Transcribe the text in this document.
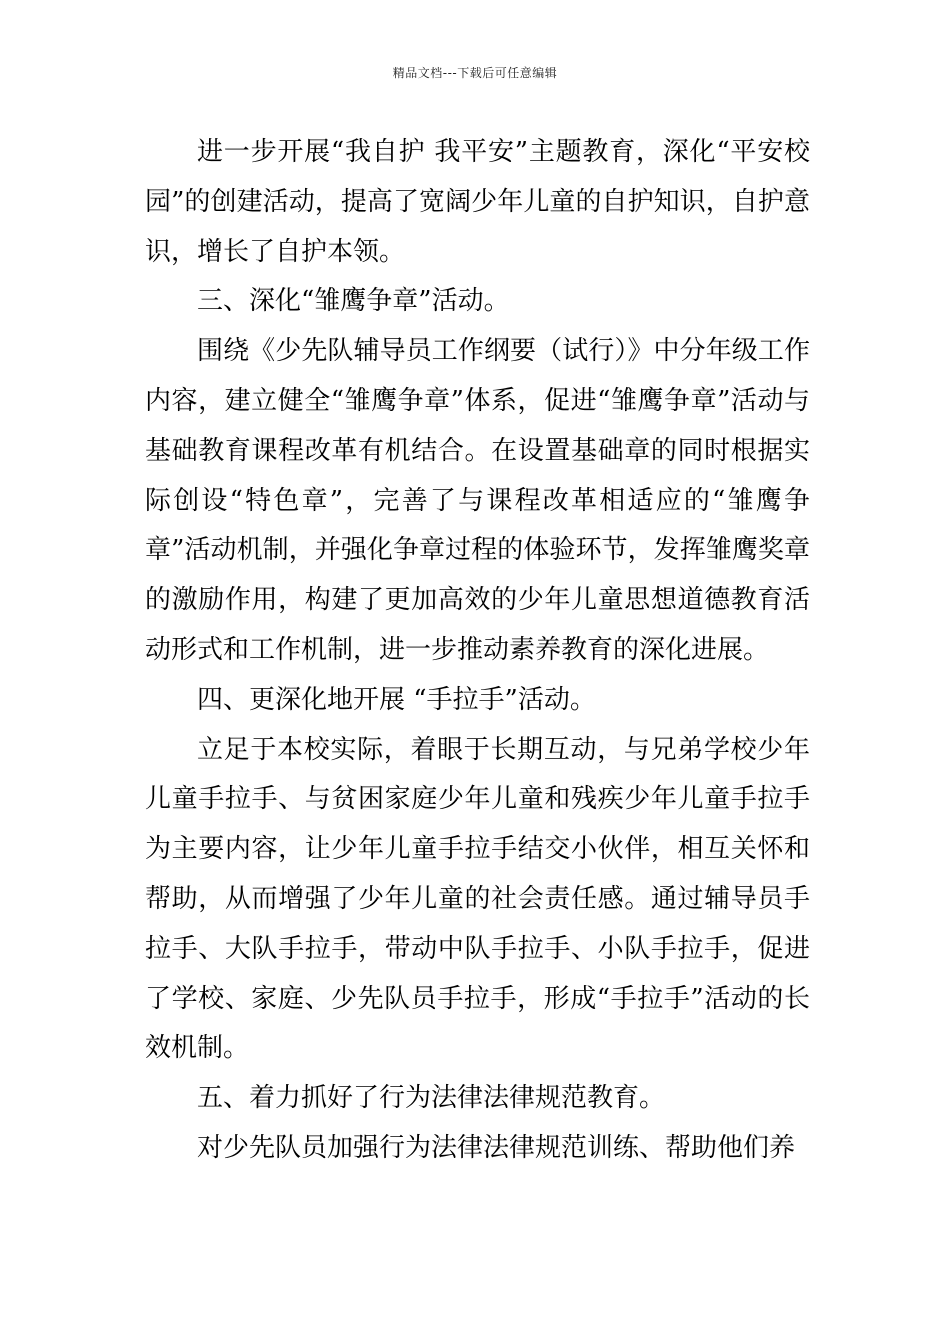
精品文档---下载后可任意编辑

进一步开展“我自护 我平安”主题教育，深化“平安校园”的创建活动，提高了宽阔少年儿童的自护知识，自护意识，增长了自护本领。

三、深化“雏鹰争章”活动。

围绕《少先队辅导员工作纲要（试行）》中分年级工作内容，建立健全“雏鹰争章”体系，促进“雏鹰争章”活动与基础教育课程改革有机结合。在设置基础章的同时根据实际创设“特色章”，完善了与课程改革相适应的“雏鹰争章”活动机制，并强化争章过程的体验环节，发挥雏鹰奖章的激励作用，构建了更加高效的少年儿童思想道德教育活动形式和工作机制，进一步推动素养教育的深化进展。

四、更深化地开展 “手拉手”活动。

立足于本校实际，着眼于长期互动，与兄弟学校少年儿童手拉手、与贫困家庭少年儿童和残疾少年儿童手拉手为主要内容，让少年儿童手拉手结交小伙伴，相互关怀和帮助，从而增强了少年儿童的社会责任感。通过辅导员手拉手、大队手拉手，带动中队手拉手、小队手拉手，促进了学校、家庭、少先队员手拉手，形成“手拉手”活动的长效机制。

五、着力抓好了行为法律法律规范教育。

对少先队员加强行为法律法律规范训练、帮助他们养
